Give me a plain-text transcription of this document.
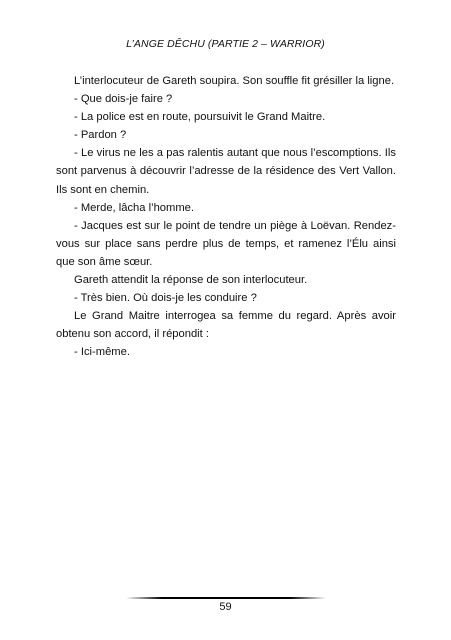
L’ANGE DÊCHU (PARTIE 2 – WARRIOR)

L’interlocuteur de Gareth soupira. Son souffle fit grésiller la ligne.

- Que dois-je faire ?

- La police est en route, poursuivit le Grand Maitre.

- Pardon ?

- Le virus ne les a pas ralentis autant que nous l’escomptions. Ils sont parvenus à découvrir l’adresse de la résidence des Vert Vallon. Ils sont en chemin.

- Merde, lâcha l’homme.

- Jacques est sur le point de tendre un piège à Loëvan. Rendez-vous sur place sans perdre plus de temps, et ramenez l’Élu ainsi que son âme sœur.

Gareth attendit la réponse de son interlocuteur.

- Très bien. Où dois-je les conduire ?

Le Grand Maitre interrogea sa femme du regard. Après avoir obtenu son accord, il répondit :

- Ici-même.

59
